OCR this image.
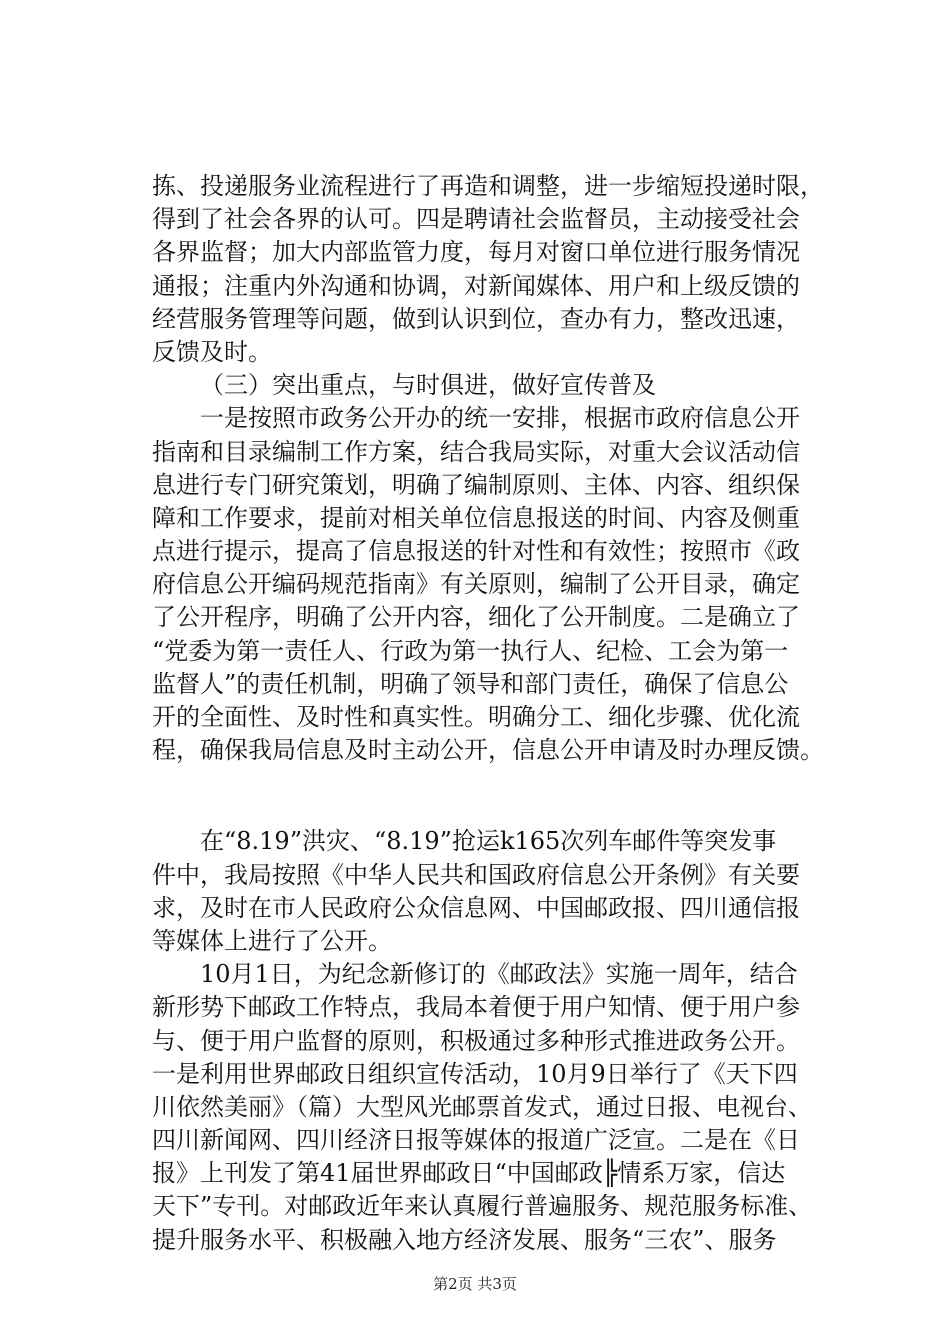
拣、投递服务业流程进行了再造和调整，进一步缩短投递时限，
得到了社会各界的认可。四是聘请社会监督员，主动接受社会
各界监督；加大内部监管力度，每月对窗口单位进行服务情况
通报；注重内外沟通和协调，对新闻媒体、用户和上级反馈的
经营服务管理等问题，做到认识到位，查办有力，整改迅速，
反馈及时。
（三）突出重点，与时俱进，做好宣传普及
一是按照市政务公开办的统一安排，根据市政府信息公开
指南和目录编制工作方案，结合我局实际，对重大会议活动信
息进行专门研究策划，明确了编制原则、主体、内容、组织保
障和工作要求，提前对相关单位信息报送的时间、内容及侧重
点进行提示，提高了信息报送的针对性和有效性；按照市《政
府信息公开编码规范指南》有关原则，编制了公开目录，确定
了公开程序，明确了公开内容，细化了公开制度。二是确立了
“党委为第一责任人、行政为第一执行人、纪检、工会为第一
监督人”的责任机制，明确了领导和部门责任，确保了信息公
开的全面性、及时性和真实性。明确分工、细化步骤、优化流
程，确保我局信息及时主动公开，信息公开申请及时办理反馈。
在“8.19”洪灾、“8.19”抢运k165次列车邮件等突发事
件中，我局按照《中华人民共和国政府信息公开条例》有关要
求，及时在市人民政府公众信息网、中国邮政报、四川通信报
等媒体上进行了公开。
10月1日，为纪念新修订的《邮政法》实施一周年，结合
新形势下邮政工作特点，我局本着便于用户知情、便于用户参
与、便于用户监督的原则，积极通过多种形式推进政务公开。
一是利用世界邮政日组织宣传活动，10月9日举行了《天下四
川依然美丽》（篇）大型风光邮票首发式，通过日报、电视台、
四川新闻网、四川经济日报等媒体的报道广泛宣。二是在《日
报》上刊发了第41届世界邮政日“中国邮政╠情系万家，信达
天下”专刊。对邮政近年来认真履行普遍服务、规范服务标准、
提升服务水平、积极融入地方经济发展、服务“三农”、服务
第2页 共3页
